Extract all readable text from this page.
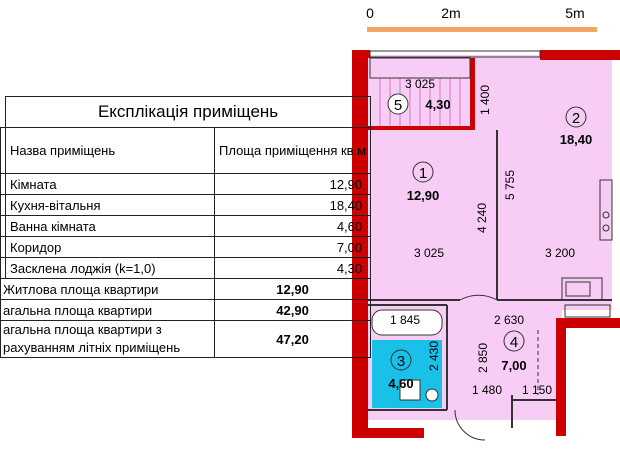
0	2m	5m
1
12,90
2
18,40
3
4,60
4
7,00
5 4,30
3 025
1 400
5 755
4 240
3 025	3 200
1 845	2 630
2 430	2 850
1 480 1 150
	Експлікація приміщень	
	Назва приміщень	Площа приміщення кв.м
	Кімната	12,90
	Кухня-вітальня	18,40
	Ванна кімната	4,60
	Коридор	7,00
	Засклена лоджія (k=1,0)	4,30
Житлова площа квартири		12,90
агальна площа квартири		42,90
агальна площа квартири з рахуванням літніх приміщень		47,20
